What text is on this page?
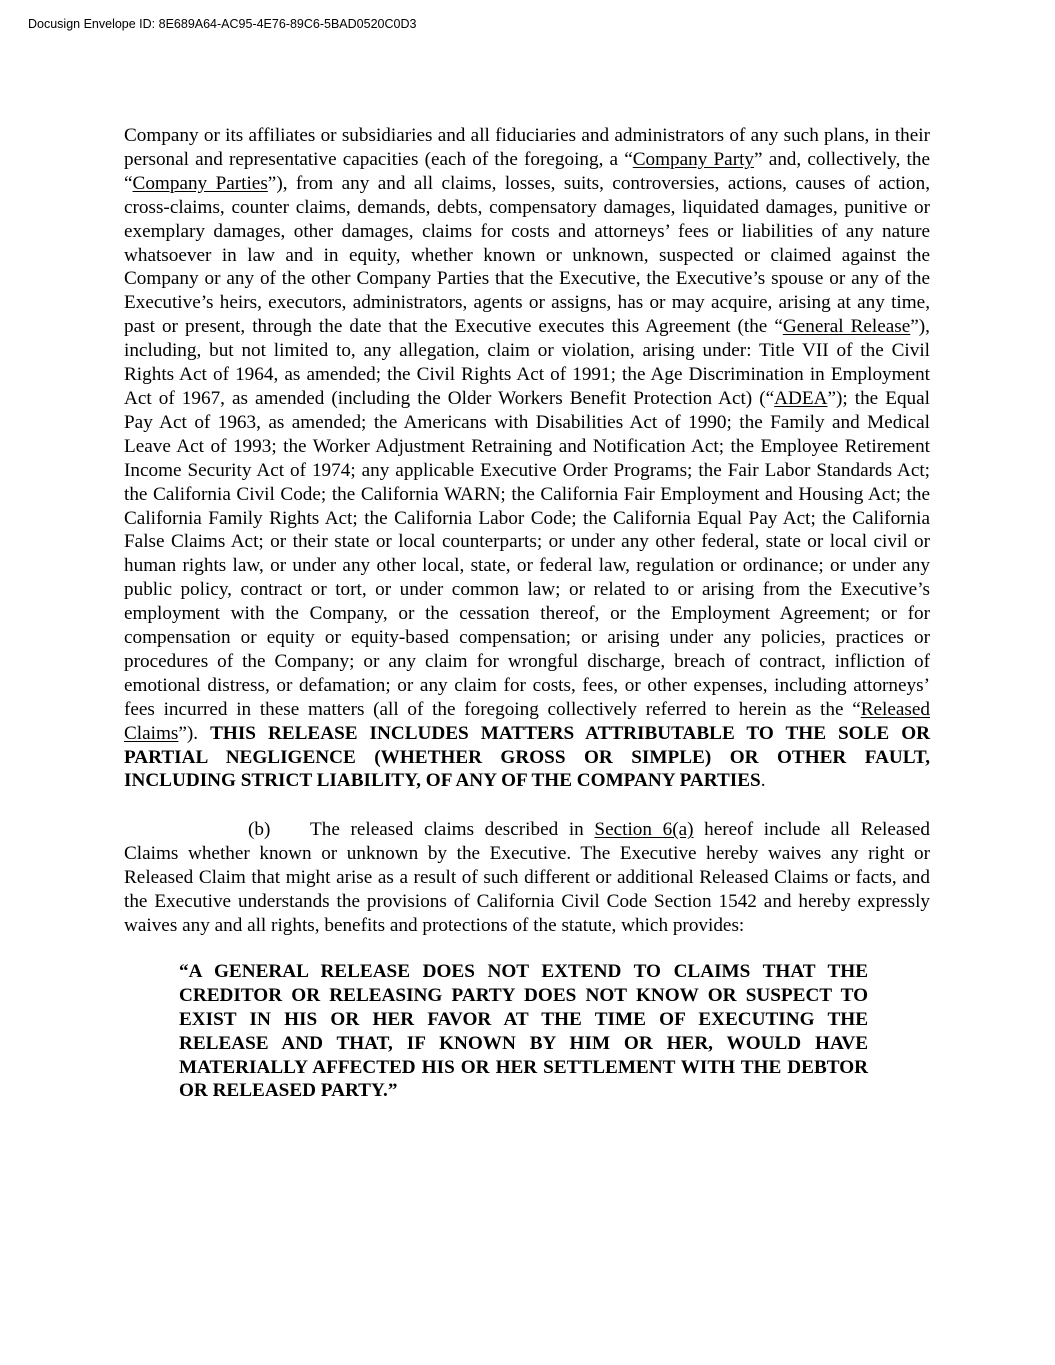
Docusign Envelope ID: 8E689A64-AC95-4E76-89C6-5BAD0520C0D3

Company or its affiliates or subsidiaries and all fiduciaries and administrators of any such plans, in their personal and representative capacities (each of the foregoing, a “Company Party” and, collectively, the “Company Parties”), from any and all claims, losses, suits, controversies, actions, causes of action, cross-claims, counter claims, demands, debts, compensatory damages, liquidated damages, punitive or exemplary damages, other damages, claims for costs and attorneys’ fees or liabilities of any nature whatsoever in law and in equity, whether known or unknown, suspected or claimed against the Company or any of the other Company Parties that the Executive, the Executive’s spouse or any of the Executive’s heirs, executors, administrators, agents or assigns, has or may acquire, arising at any time, past or present, through the date that the Executive executes this Agreement (the “General Release”), including, but not limited to, any allegation, claim or violation, arising under: Title VII of the Civil Rights Act of 1964, as amended; the Civil Rights Act of 1991; the Age Discrimination in Employment Act of 1967, as amended (including the Older Workers Benefit Protection Act) (“ADEA”); the Equal Pay Act of 1963, as amended; the Americans with Disabilities Act of 1990; the Family and Medical Leave Act of 1993; the Worker Adjustment Retraining and Notification Act; the Employee Retirement Income Security Act of 1974; any applicable Executive Order Programs; the Fair Labor Standards Act; the California Civil Code; the California WARN; the California Fair Employment and Housing Act; the California Family Rights Act; the California Labor Code; the California Equal Pay Act; the California False Claims Act; or their state or local counterparts; or under any other federal, state or local civil or human rights law, or under any other local, state, or federal law, regulation or ordinance; or under any public policy, contract or tort, or under common law; or related to or arising from the Executive’s employment with the Company, or the cessation thereof, or the Employment Agreement; or for compensation or equity or equity-based compensation; or arising under any policies, practices or procedures of the Company; or any claim for wrongful discharge, breach of contract, infliction of emotional distress, or defamation; or any claim for costs, fees, or other expenses, including attorneys’ fees incurred in these matters (all of the foregoing collectively referred to herein as the “Released Claims”). THIS RELEASE INCLUDES MATTERS ATTRIBUTABLE TO THE SOLE OR PARTIAL NEGLIGENCE (WHETHER GROSS OR SIMPLE) OR OTHER FAULT, INCLUDING STRICT LIABILITY, OF ANY OF THE COMPANY PARTIES.

(b) The released claims described in Section 6(a) hereof include all Released Claims whether known or unknown by the Executive. The Executive hereby waives any right or Released Claim that might arise as a result of such different or additional Released Claims or facts, and the Executive understands the provisions of California Civil Code Section 1542 and hereby expressly waives any and all rights, benefits and protections of the statute, which provides:

“A GENERAL RELEASE DOES NOT EXTEND TO CLAIMS THAT THE CREDITOR OR RELEASING PARTY DOES NOT KNOW OR SUSPECT TO EXIST IN HIS OR HER FAVOR AT THE TIME OF EXECUTING THE RELEASE AND THAT, IF KNOWN BY HIM OR HER, WOULD HAVE MATERIALLY AFFECTED HIS OR HER SETTLEMENT WITH THE DEBTOR OR RELEASED PARTY.”
